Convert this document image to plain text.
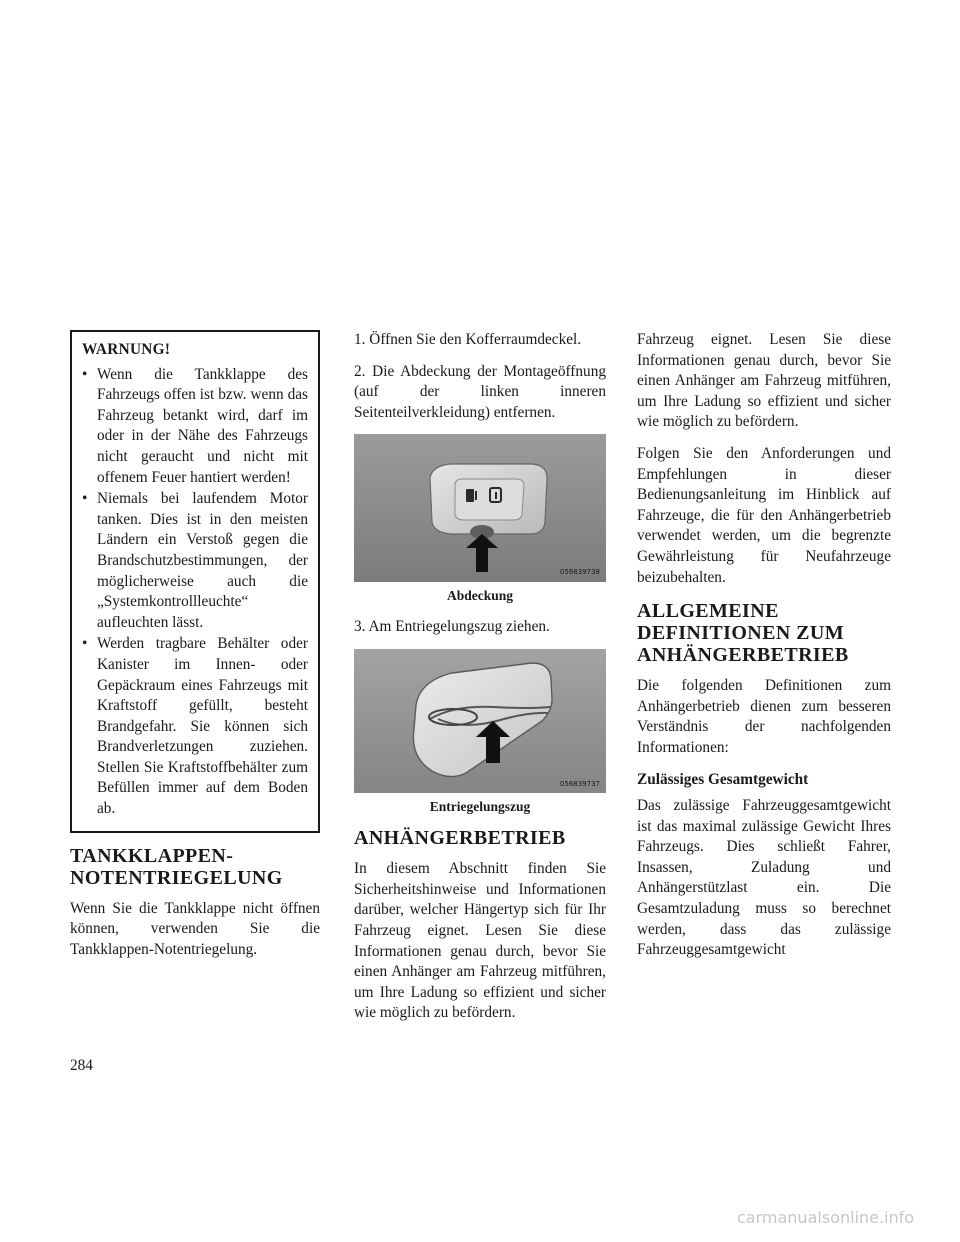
WARNUNG!
• Wenn die Tankklappe des Fahrzeugs offen ist bzw. wenn das Fahrzeug betankt wird, darf im oder in der Nähe des Fahrzeugs nicht geraucht und nicht mit offenem Feuer hantiert werden!
• Niemals bei laufendem Motor tanken. Dies ist in den meisten Ländern ein Verstoß gegen die Brandschutzbestimmungen, der möglicherweise auch die „Systemkontrollleuchte“ aufleuchten lässt.
• Werden tragbare Behälter oder Kanister im Innen- oder Gepäckraum eines Fahrzeugs mit Kraftstoff gefüllt, besteht Brandgefahr. Sie können sich Brandverletzungen zuziehen. Stellen Sie Kraftstoffbehälter zum Befüllen immer auf dem Boden ab.
TANKKLAPPEN-NOTENTRIEGELUNG

Wenn Sie die Tankklappe nicht öffnen können, verwenden Sie die Tankklappen-Notentriegelung.

1. Öffnen Sie den Kofferraumdeckel.

2. Die Abdeckung der Montageöffnung (auf der linken inneren Seitenteilverkleidung) entfernen.

056839738
Abdeckung

3. Am Entriegelungszug ziehen.

056839737
Entriegelungszug
ANHÄNGERBETRIEB

In diesem Abschnitt finden Sie Sicherheitshinweise und Informationen darüber, welcher Hängertyp sich für Ihr Fahrzeug eignet. Lesen Sie diese Informationen genau durch, bevor Sie einen Anhänger am Fahrzeug mitführen, um Ihre Ladung so effizient und sicher wie möglich zu befördern.

Fahrzeug eignet. Lesen Sie diese Informationen genau durch, bevor Sie einen Anhänger am Fahrzeug mitführen, um Ihre Ladung so effizient und sicher wie möglich zu befördern.

Folgen Sie den Anforderungen und Empfehlungen in dieser Bedienungsanleitung im Hinblick auf Fahrzeuge, die für den Anhängerbetrieb verwendet werden, um die begrenzte Gewährleistung für Neufahrzeuge beizubehalten.

ALLGEMEINE DEFINITIONEN ZUM ANHÄNGERBETRIEB

Die folgenden Definitionen zum Anhängerbetrieb dienen zum besseren Verständnis der nachfolgenden Informationen:

Zulässiges Gesamtgewicht

Das zulässige Fahrzeuggesamtgewicht ist das maximal zulässige Gewicht Ihres Fahrzeugs. Dies schließt Fahrer, Insassen, Zuladung und Anhängerstützlast ein. Die Gesamtzuladung muss so berechnet werden, dass das zulässige Fahrzeuggesamtgewicht

284
carmanualsonline.info
